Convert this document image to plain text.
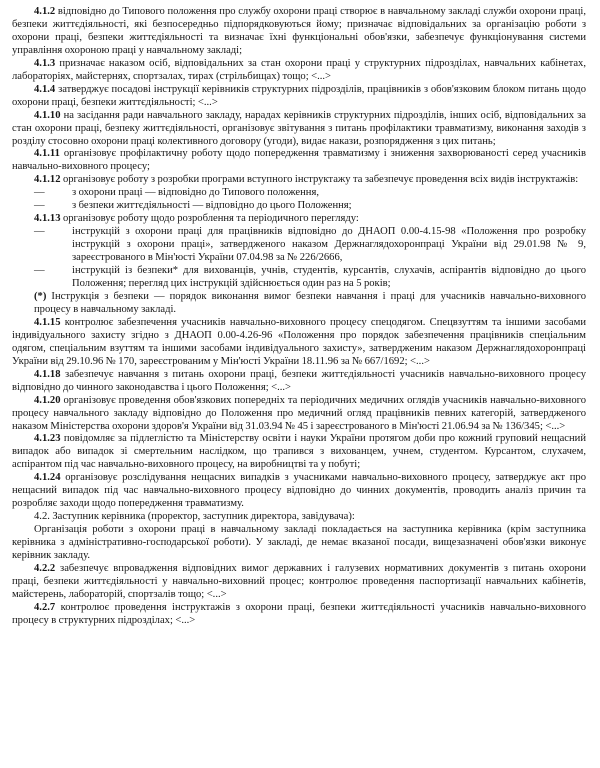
4.1.2 відповідно до Типового положення про службу охорони праці створює в навчальному закладі служби охорони праці, безпеки життєдіяльності, які безпосередньо підпорядковуються йому; призначає відповідальних за організацію роботи з охорони праці, безпеки життєдіяльності та визначає їхні функціональні обов'язки, забезпечує функціонування системи управління охороною праці у навчальному закладі;

4.1.3 призначає наказом осіб, відповідальних за стан охорони праці у структурних підрозділах, навчальних кабінетах, лабораторіях, майстернях, спортзалах, тирах (стрільбищах) тощо; <...>

4.1.4 затверджує посадові інструкції керівників структурних підрозділів, працівників з обов'язковим блоком питань щодо охорони праці, безпеки життєдіяльності; <...>

4.1.10 на засідання ради навчального закладу, нарадах керівників структурних підрозділів, інших осіб, відповідальних за стан охорони праці, безпеку життєдіяльності, організовує звітування з питань профілактики травматизму, виконання заходів з розділу стосовно охорони праці колективного договору (угоди), видає накази, розпорядження з цих питань;

4.1.11 організовує профілактичну роботу щодо попередження травматизму і зниження захворюваності серед учасників навчально-виховного процесу;

4.1.12 організовує роботу з розробки програми вступного інструктажу та забезпечує проведення всіх видів інструктажів:

—	з охорони праці — відповідно до Типового положення,

—	з безпеки життєдіяльності — відповідно до цього Положення;

4.1.13 організовує роботу щодо розроблення та періодичного перегляду:

—	інструкцій з охорони праці для працівників відповідно до ДНАОП 0.00-4.15-98 «Положення про розробку інструкцій з охорони праці», затвердженого наказом Держнаглядохоронпраці України від 29.01.98 № 9, зареєстрованого в Мін'юсті України 07.04.98 за № 226/2666,

—	інструкцій із безпеки* для вихованців, учнів, студентів, курсантів, слухачів, аспірантів відповідно до цього Положення; перегляд цих інструкцій здійснюється один раз на 5 років;

(*) Інструкція з безпеки — порядок виконання вимог безпеки навчання і праці для учасників навчально-виховного процесу в навчальному закладі.

4.1.15 контролює забезпечення учасників навчально-виховного процесу спецодягом. Спецвзуттям та іншими засобами індивідуального захисту згідно з ДНАОП 0.00-4.26-96 «Положення про порядок забезпечення працівників спеціальним одягом, спеціальним взуттям та іншими засобами індивідуального захисту», затвердженим наказом Держнаглядохоронпраці України від 29.10.96 № 170, зареєстрованим у Мін'юсті України 18.11.96 за № 667/1692; <...>

4.1.18 забезпечує навчання з питань охорони праці, безпеки життєдіяльності учасників навчально-виховного процесу відповідно до чинного законодавства і цього Положення; <...>

4.1.20 організовує проведення обов'язкових попередніх та періодичних медичних оглядів учасників навчально-виховного процесу навчального закладу відповідно до Положення про медичний огляд працівників певних категорій, затвердженого наказом Міністерства охорони здоров'я України від 31.03.94 № 45 і зареєстрованого в Мін'юсті 21.06.94 за № 136/345; <...>

4.1.23 повідомляє за підлеглістю та Міністерству освіти і науки України протягом доби про кожний груповий нещасний випадок або випадок зі смертельним наслідком, що трапився з вихованцем, учнем, студентом. Курсантом, слухачем, аспірантом під час навчально-виховного процесу, на виробництві та у побуті;

4.1.24 організовує розслідування нещасних випадків з учасниками навчально-виховного процесу, затверджує акт про нещасний випадок під час навчально-виховного процесу відповідно до чинних документів, проводить аналіз причин та розробляє заходи щодо попередження травматизму.

4.2. Заступник керівника (проректор, заступник директора, завідувача):

Організація роботи з охорони праці в навчальному закладі покладається на заступника керівника (крім заступника керівника з адміністративно-господарської роботи). У закладі, де немає вказаної посади, вищезазначені обов'язки виконує керівник закладу.

4.2.2 забезпечує впровадження відповідних вимог державних і галузевих нормативних документів з питань охорони праці, безпеки життєдіяльності у навчально-виховний процес; контролює проведення паспортизації навчальних кабінетів, майстерень, лабораторій, спортзалів тощо; <...>

4.2.7 контролює проведення інструктажів з охорони праці, безпеки життєдіяльності учасників навчально-виховного процесу в структурних підрозділах; <...>
